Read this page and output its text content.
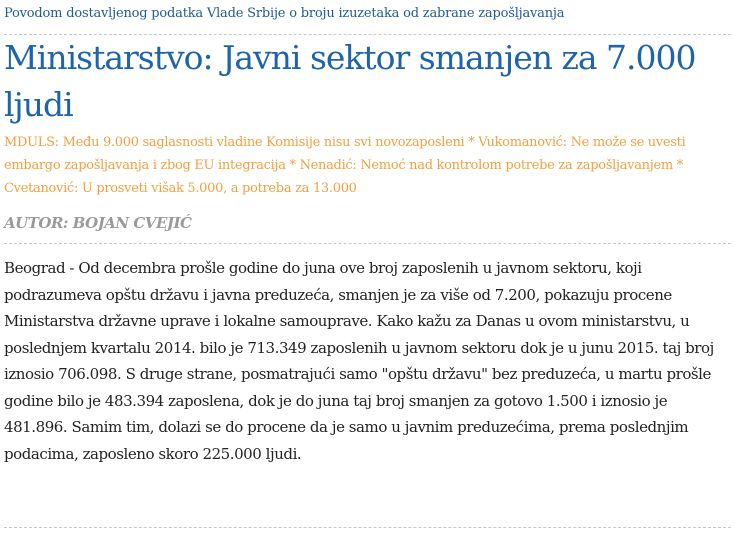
Povodom dostavljenog podatka Vlade Srbije o broju izuzetaka od zabrane zapošljavanja
Ministarstvo: Javni sektor smanjen za 7.000 ljudi
MDULS: Među 9.000 saglasnosti vladine Komisije nisu svi novozaposleni * Vukomanović: Ne može se uvesti embargo zapošljavanja i zbog EU integracija * Nenadić: Nemoć nad kontrolom potrebe za zapošljavanjem * Cvetanović: U prosveti višak 5.000, a potreba za 13.000
AUTOR: BOJAN CVEJIĆ
Beograd - Od decembra prošle godine do juna ove broj zaposlenih u javnom sektoru, koji podrazumeva opštu državu i javna preduzeća, smanjen je za više od 7.200, pokazuju procene Ministarstva državne uprave i lokalne samouprave. Kako kažu za Danas u ovom ministarstvu, u poslednjem kvartalu 2014. bilo je 713.349 zaposlenih u javnom sektoru dok je u junu 2015. taj broj iznosio 706.098. S druge strane, posmatrajući samo "opštu državu" bez preduzeća, u martu prošle godine bilo je 483.394 zaposlena, dok je do juna taj broj smanjen za gotovo 1.500 i iznosio je 481.896. Samim tim, dolazi se do procene da je samo u javnim preduzećima, prema poslednjim podacima, zaposleno skoro 225.000 ljudi.
